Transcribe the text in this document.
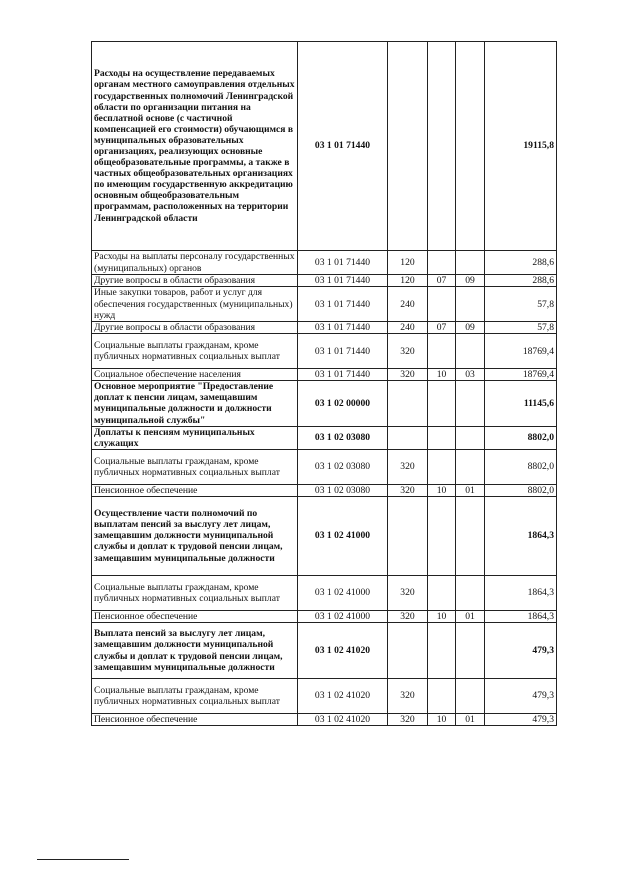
Расходы на осуществление передаваемых органам местного самоуправления отдельных государственных полномочий Ленинградской области по организации питания на бесплатной основе (с частичной компенсацией его стоимости) обучающимся в муниципальных образовательных организациях, реализующих основные общеобразовательные программы, а также в частных общеобразовательных организациях по имеющим государственную аккредитацию основным общеобразовательным программам, расположенных на территории Ленинградской области	03 1 01 71440				19115,8
Расходы на выплаты персоналу государственных (муниципальных) органов	03 1 01 71440	120			288,6
Другие вопросы в области образования	03 1 01 71440	120	07	09	288,6
Иные закупки товаров, работ и услуг для обеспечения государственных (муниципальных) нужд	03 1 01 71440	240			57,8
Другие вопросы в области образования	03 1 01 71440	240	07	09	57,8
Социальные выплаты гражданам, кроме публичных нормативных социальных выплат	03 1 01 71440	320			18769,4
Социальное обеспечение населения	03 1 01 71440	320	10	03	18769,4
Основное мероприятие "Предоставление доплат к пенсии лицам, замещавшим муниципальные должности и должности муниципальной службы"	03 1 02 00000				11145,6
Доплаты к пенсиям муниципальных служащих	03 1 02 03080				8802,0
Социальные выплаты гражданам, кроме публичных нормативных социальных выплат	03 1 02 03080	320			8802,0
Пенсионное обеспечение	03 1 02 03080	320	10	01	8802,0
Осуществление части полномочий по выплатам пенсий за выслугу лет лицам, замещавшим должности муниципальной службы и доплат к трудовой пенсии лицам, замещавшим муниципальные должности	03 1 02 41000				1864,3
Социальные выплаты гражданам, кроме публичных нормативных социальных выплат	03 1 02 41000	320			1864,3
Пенсионное обеспечение	03 1 02 41000	320	10	01	1864,3
Выплата пенсий за выслугу лет лицам, замещавшим должности муниципальной службы и доплат к трудовой пенсии лицам, замещавшим муниципальные должности	03 1 02 41020				479,3
Социальные выплаты гражданам, кроме публичных нормативных социальных выплат	03 1 02 41020	320			479,3
Пенсионное обеспечение	03 1 02 41020	320	10	01	479,3
